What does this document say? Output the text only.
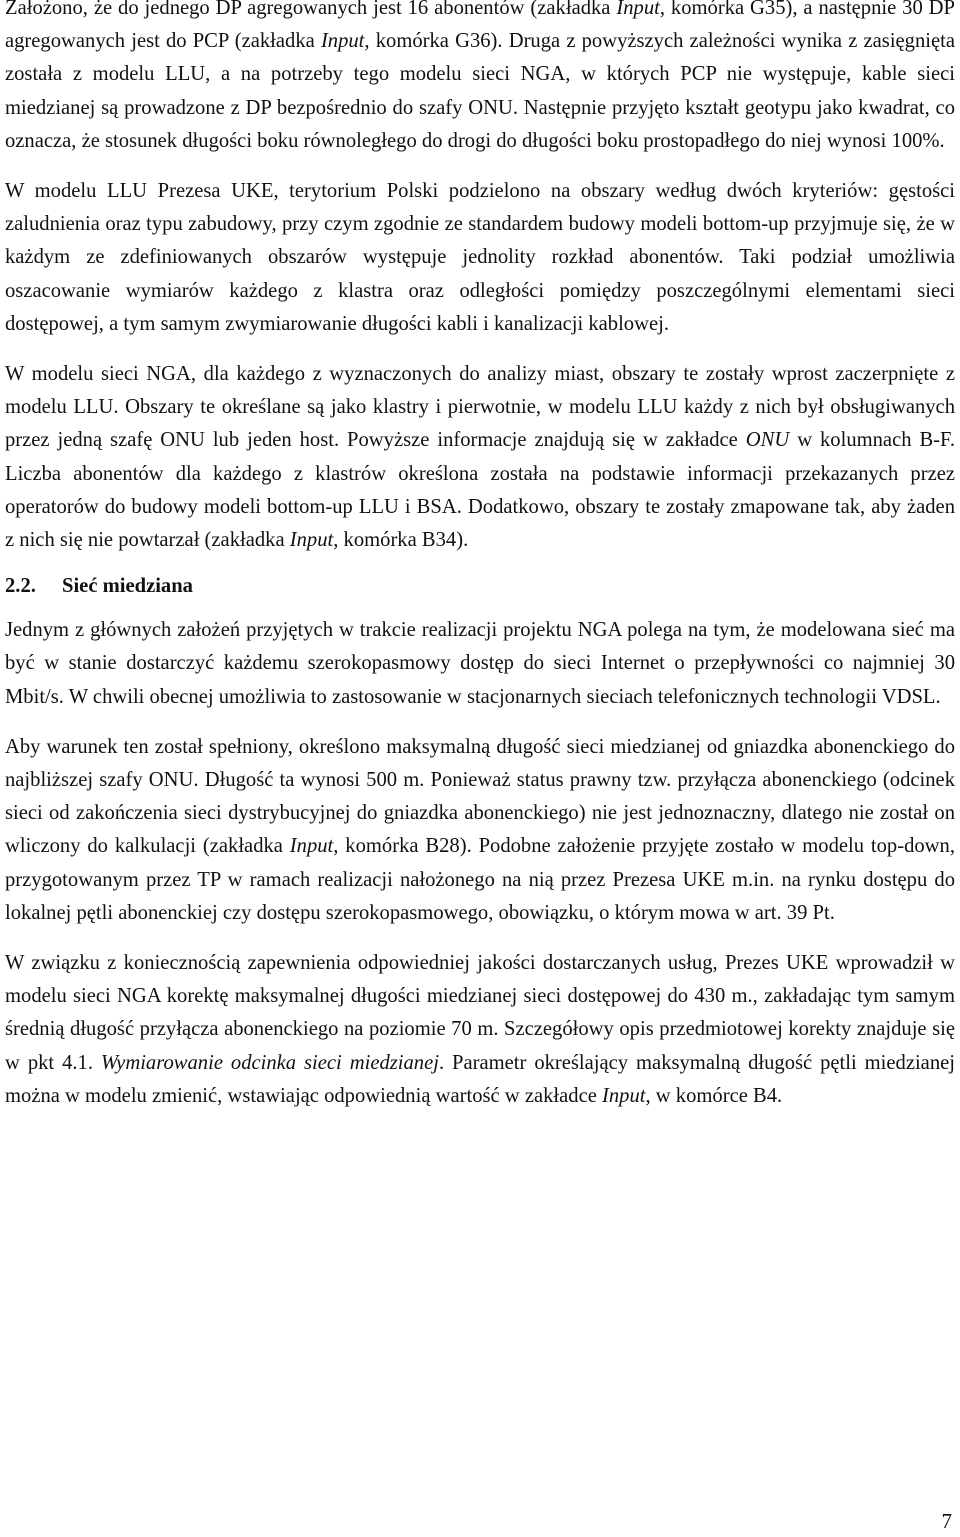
Założono, że do jednego DP agregowanych jest 16 abonentów (zakładka Input, komórka G35), a następnie 30 DP agregowanych jest do PCP (zakładka Input, komórka G36). Druga z powyższych zależności wynika z zasięgnięta została z modelu LLU, a na potrzeby tego modelu sieci NGA, w których PCP nie występuje, kable sieci miedzianej są prowadzone z DP bezpośrednio do szafy ONU. Następnie przyjęto kształt geotypu jako kwadrat, co oznacza, że stosunek długości boku równoległego do drogi do długości boku prostopadłego do niej wynosi 100%.

W modelu LLU Prezesa UKE, terytorium Polski podzielono na obszary według dwóch kryteriów: gęstości zaludnienia oraz typu zabudowy, przy czym zgodnie ze standardem budowy modeli bottom-up przyjmuje się, że w każdym ze zdefiniowanych obszarów występuje jednolity rozkład abonentów. Taki podział umożliwia oszacowanie wymiarów każdego z klastra oraz odległości pomiędzy poszczególnymi elementami sieci dostępowej, a tym samym zwymiarowanie długości kabli i kanalizacji kablowej.

W modelu sieci NGA, dla każdego z wyznaczonych do analizy miast, obszary te zostały wprost zaczerpnięte z modelu LLU. Obszary te określane są jako klastry i pierwotnie, w modelu LLU każdy z nich był obsługiwanych przez jedną szafę ONU lub jeden host. Powyższe informacje znajdują się w zakładce ONU w kolumnach B-F. Liczba abonentów dla każdego z klastrów określona została na podstawie informacji przekazanych przez operatorów do budowy modeli bottom-up LLU i BSA. Dodatkowo, obszary te zostały zmapowane tak, aby żaden z nich się nie powtarzał (zakładka Input, komórka B34).

2.2.	Sieć miedziana

Jednym z głównych założeń przyjętych w trakcie realizacji projektu NGA polega na tym, że modelowana sieć ma być w stanie dostarczyć każdemu szerokopasmowy dostęp do sieci Internet o przepływności co najmniej 30 Mbit/s. W chwili obecnej umożliwia to zastosowanie w stacjonarnych sieciach telefonicznych technologii VDSL.

Aby warunek ten został spełniony, określono maksymalną długość sieci miedzianej od gniazdka abonenckiego do najbliższej szafy ONU. Długość ta wynosi 500 m. Ponieważ status prawny tzw. przyłącza abonenckiego (odcinek sieci od zakończenia sieci dystrybucyjnej do gniazdka abonenckiego) nie jest jednoznaczny, dlatego nie został on wliczony do kalkulacji (zakładka Input, komórka B28). Podobne założenie przyjęte zostało w modelu top-down, przygotowanym przez TP w ramach realizacji nałożonego na nią przez Prezesa UKE m.in. na rynku dostępu do lokalnej pętli abonenckiej czy dostępu szerokopasmowego, obowiązku, o którym mowa w art. 39 Pt.

W związku z koniecznością zapewnienia odpowiedniej jakości dostarczanych usług, Prezes UKE wprowadził w modelu sieci NGA korektę maksymalnej długości miedzianej sieci dostępowej do 430 m., zakładając tym samym średnią długość przyłącza abonenckiego na poziomie 70 m. Szczegółowy opis przedmiotowej korekty znajduje się w pkt 4.1. Wymiarowanie odcinka sieci miedzianej. Parametr określający maksymalną długość pętli miedzianej można w modelu zmienić, wstawiając odpowiednią wartość w zakładce Input, w komórce B4.

7
